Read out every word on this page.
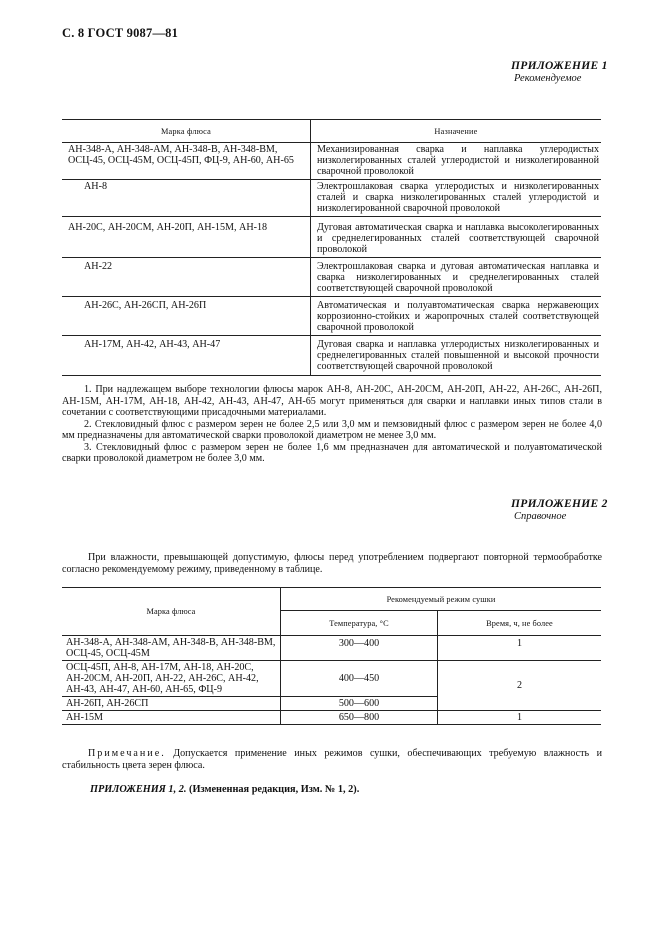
С. 8 ГОСТ 9087—81
ПРИЛОЖЕНИЕ 1
Рекомендуемое
Марка флюса	Назначение
АН-348-А, АН-348-АМ, АН-348-В, АН-348-ВМ, ОСЦ-45, ОСЦ-45М, ОСЦ-45П, ФЦ-9, АН-60, АН-65	Механизированная сварка и наплавка углеродистых низколегированных сталей углеродистой и низколегированной сварочной проволокой
АН-8	Электрошлаковая сварка углеродистых и низколегированных сталей и сварка низколегированных сталей углеродистой и низколегированной сварочной проволокой
АН-20С, АН-20СМ, АН-20П, АН-15М, АН-18	Дуговая автоматическая сварка и наплавка высоколегированных и среднелегированных сталей соответствующей сварочной проволокой
АН-22	Электрошлаковая сварка и дуговая автоматическая наплавка и сварка низколегированных и среднелегированных сталей соответствующей сварочной проволокой
АН-26С, АН-26СП, АН-26П	Автоматическая и полуавтоматическая сварка нержавеющих коррозионно-стойких и жаропрочных сталей соответствующей сварочной проволокой
АН-17М, АН-42, АН-43, АН-47	Дуговая сварка и наплавка углеродистых низколегированных и среднелегированных сталей повышенной и высокой прочности соответствующей сварочной проволокой

1. При надлежащем выборе технологии флюсы марок АН-8, АН-20С, АН-20СМ, АН-20П, АН-22, АН-26С, АН-26П, АН-15М, АН-17М, АН-18, АН-42, АН-43, АН-47, АН-65 могут применяться для сварки и наплавки иных типов стали в сочетании с соответствующими присадочными материалами.

2. Стекловидный флюс с размером зерен не более 2,5 или 3,0 мм и пемзовидный флюс с размером зерен не более 4,0 мм предназначены для автоматической сварки проволокой диаметром не менее 3,0 мм.

3. Стекловидный флюс с размером зерен не более 1,6 мм предназначен для автоматической и полуавтоматической сварки проволокой диаметром не более 3,0 мм.

ПРИЛОЖЕНИЕ 2
Справочное

При влажности, превышающей допустимую, флюсы перед употреблением подвергают повторной термообработке согласно рекомендуемому режиму, приведенному в таблице.

Марка флюса	Рекомендуемый режим сушки	
	Температура, °С	Время, ч, не более
АН-348-А, АН-348-АМ, АН-348-В, АН-348-ВМ, ОСЦ-45, ОСЦ-45М	300—400	1
ОСЦ-45П, АН-8, АН-17М, АН-18, АН-20С, АН-20СМ, АН-20П, АН-22, АН-26С, АН-42, АН-43, АН-47, АН-60, АН-65, ФЦ-9	400—450	2
АН-26П, АН-26СП	500—600	
АН-15М	650—800	1

Примечание. Допускается применение иных режимов сушки, обеспечивающих требуемую влажность и стабильность цвета зерен флюса.

ПРИЛОЖЕНИЯ 1, 2. (Измененная редакция, Изм. № 1, 2).
